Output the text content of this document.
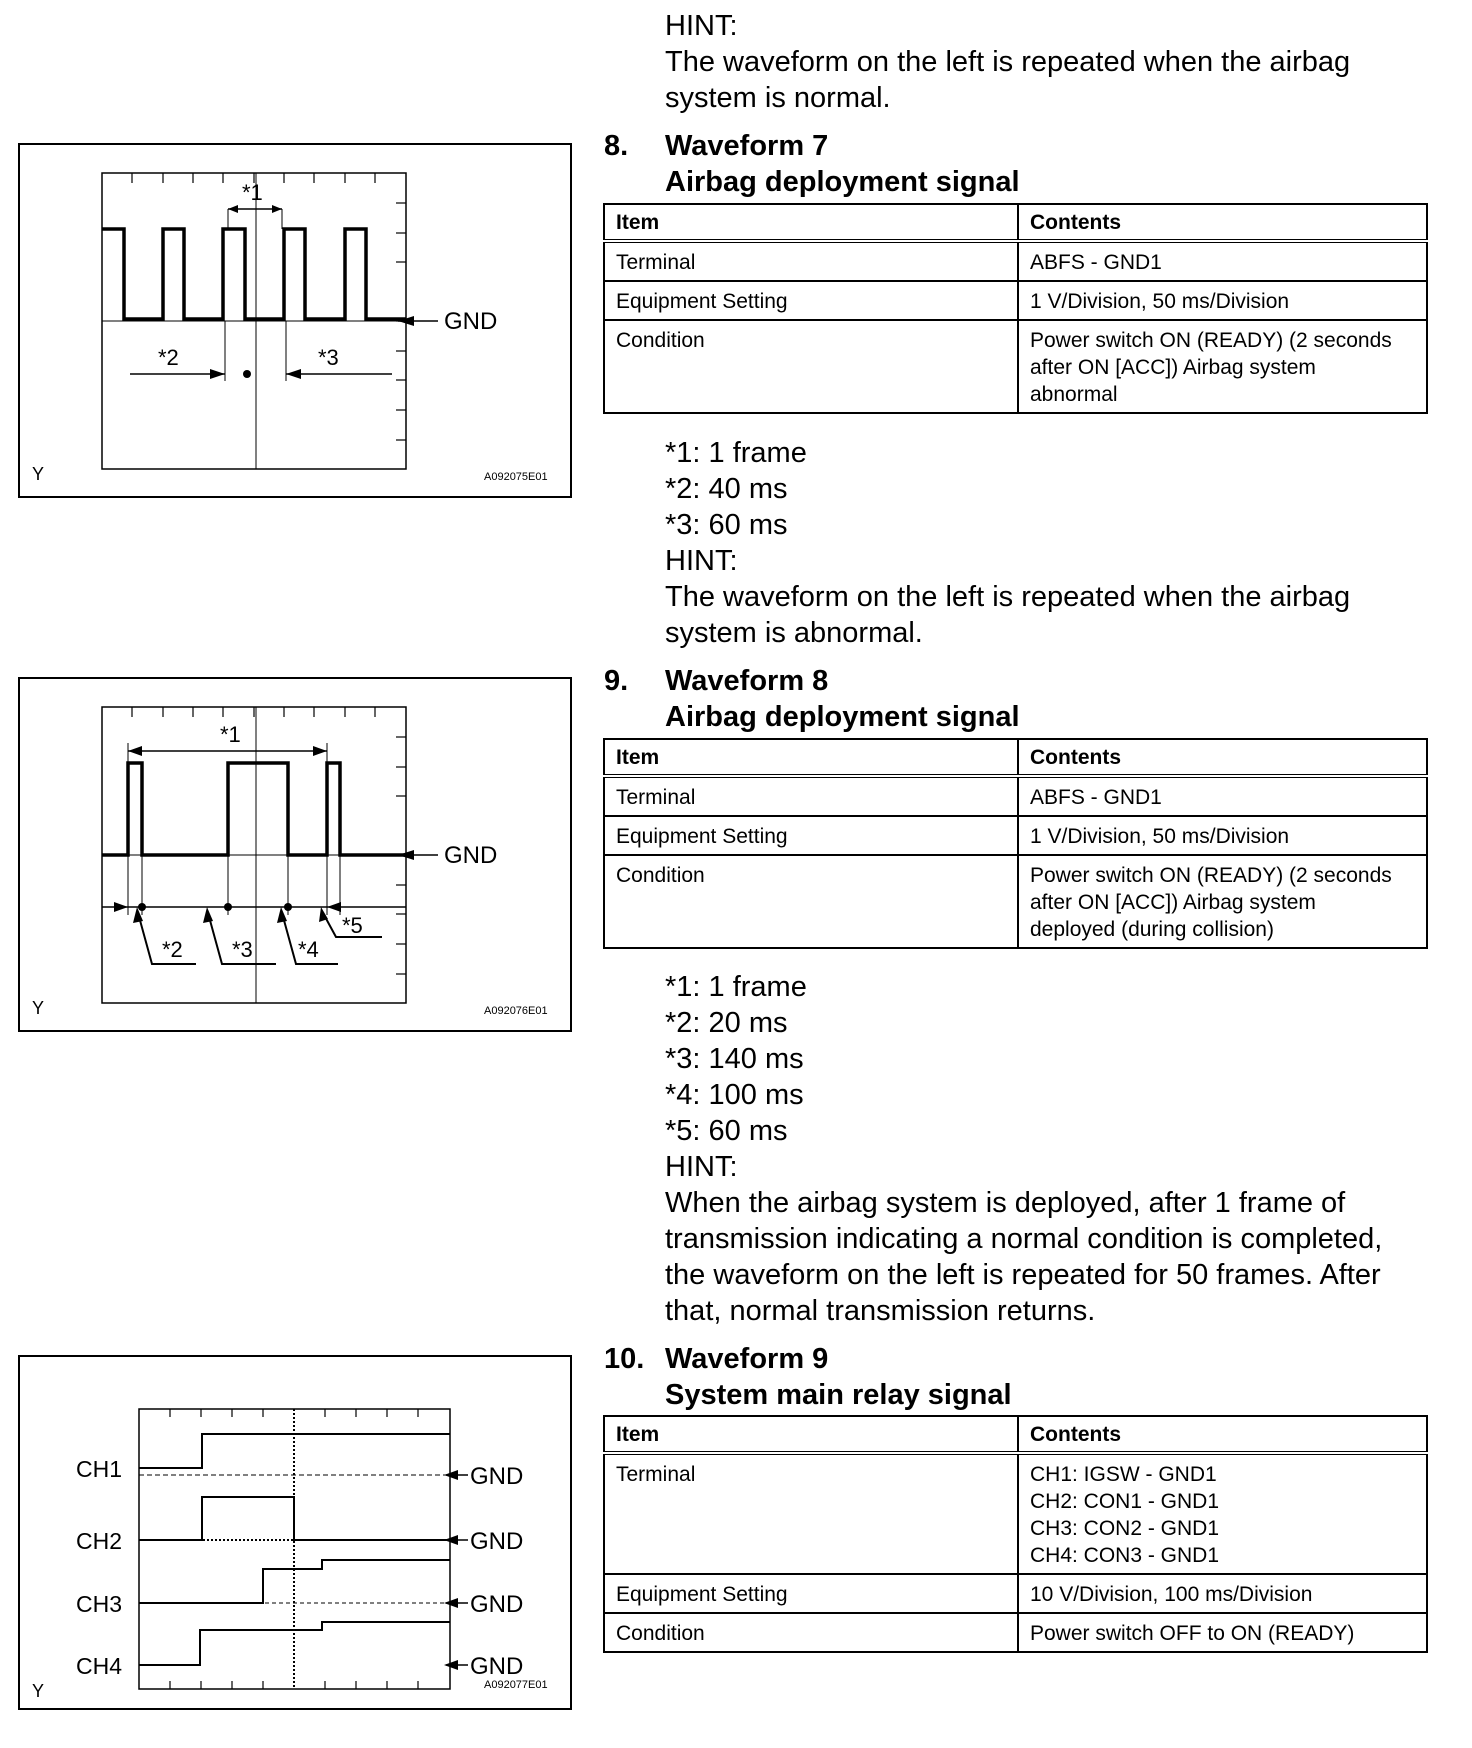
HINT:
The waveform on the left is repeated when the airbag
system is normal.
*1
*2	*3
GND
Y	A092075E01
8. Waveform 7
Airbag deployment signal
Item	Contents
Terminal	ABFS - GND1
Equipment Setting	1 V/Division, 50 ms/Division
Condition	Power switch ON (READY) (2 seconds
after ON [ACC]) Airbag system
abnormal
*1: 1 frame
*2: 40 ms
*3: 60 ms
HINT:
The waveform on the left is repeated when the airbag
system is abnormal.
*1
*2 *3 *4
*5
GND
Y	A092076E01
9. Waveform 8
Airbag deployment signal
Item	Contents
Terminal	ABFS - GND1
Equipment Setting	1 V/Division, 50 ms/Division
Condition	Power switch ON (READY) (2 seconds
after ON [ACC]) Airbag system
deployed (during collision)
*1: 1 frame
*2: 20 ms
*3: 140 ms
*4: 100 ms
*5: 60 ms
HINT:
When the airbag system is deployed, after 1 frame of
transmission indicating a normal condition is completed,
the waveform on the left is repeated for 50 frames. After
that, normal transmission returns.
CH1
CH2
CH3
CH4
GND
GND
GND
GND
Y	A092077E01
10. Waveform 9
System main relay signal
Item	Contents
Terminal	CH1: IGSW - GND1
CH2: CON1 - GND1
CH3: CON2 - GND1
CH4: CON3 - GND1

Equipment Setting	10 V/Division, 100 ms/Division
Condition	Power switch OFF to ON (READY)
